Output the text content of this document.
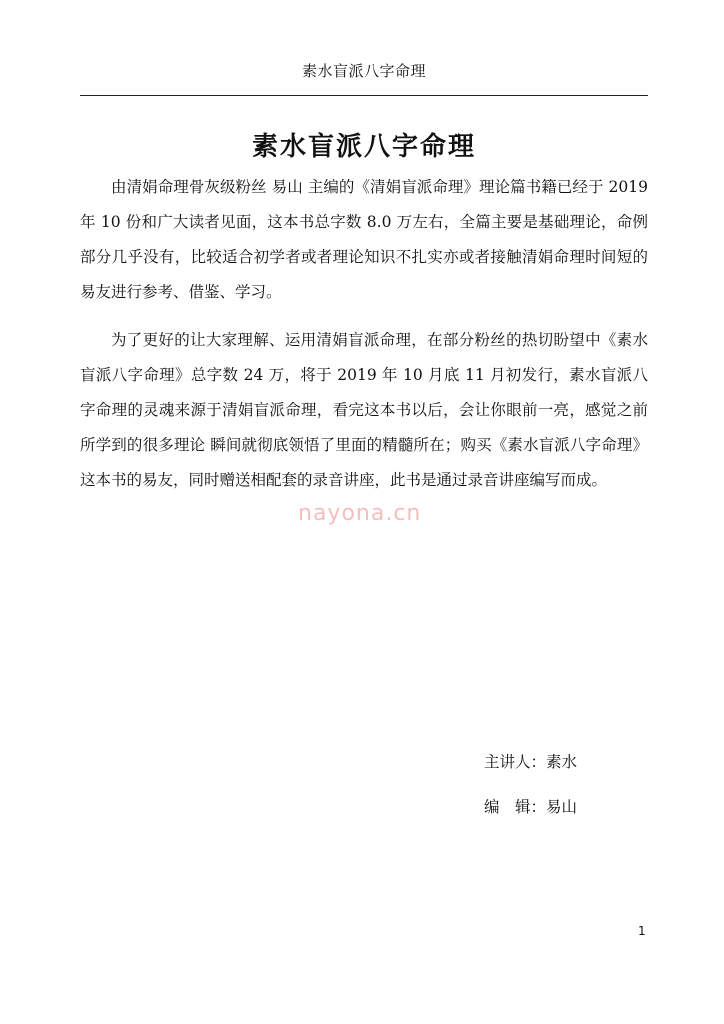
素水盲派八字命理
素水盲派八字命理

由清娟命理骨灰级粉丝 易山 主编的《清娟盲派命理》理论篇书籍已经于 2019 年 10 份和广大读者见面，这本书总字数 8.0 万左右，全篇主要是基础理论，命例部分几乎没有，比较适合初学者或者理论知识不扎实亦或者接触清娟命理时间短的易友进行参考、借鉴、学习。

为了更好的让大家理解、运用清娟盲派命理，在部分粉丝的热切盼望中《素水盲派八字命理》总字数 24 万，将于 2019 年 10 月底 11 月初发行，素水盲派八字命理的灵魂来源于清娟盲派命理，看完这本书以后，会让你眼前一亮，感觉之前所学到的很多理论 瞬间就彻底领悟了里面的精髓所在；购买《素水盲派八字命理》这本书的易友，同时赠送相配套的录音讲座，此书是通过录音讲座编写而成。

nayona.cn
主讲人：素水
编　辑：易山
1
